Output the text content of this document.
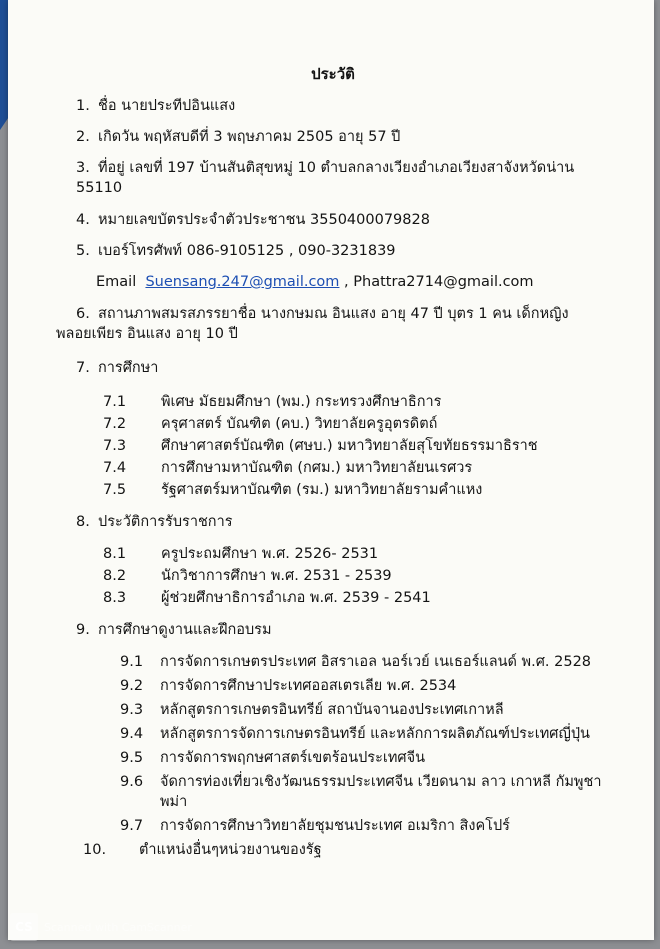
ประวัติ
1. ชื่อ นายประทีปอินแสง
2. เกิดวัน พฤหัสบดีที่ 3 พฤษภาคม 2505 อายุ 57 ปี
3. ที่อยู่ เลขที่ 197 บ้านสันติสุขหมู่ 10 ตำบลกลางเวียงอำเภอเวียงสาจังหวัดน่าน
55110
4. หมายเลขบัตรประจำตัวประชาชน 3550400079828
5. เบอร์โทรศัพท์ 086-9105125 , 090-3231839
Email Suensang.247@gmail.com , Phattra2714@gmail.com
6. สถานภาพสมรสภรรยาชื่อ นางกษมณ อินแสง อายุ 47 ปี บุตร 1 คน เด็กหญิง
พลอยเพียร อินแสง อายุ 10 ปี
7. การศึกษา
7.1	พิเศษ มัธยมศึกษา (พม.) กระทรวงศึกษาธิการ
7.2	ครุศาสตร์ บัณฑิต (คบ.) วิทยาลัยครูอุตรดิตถ์
7.3	ศึกษาศาสตร์บัณฑิต (ศษบ.) มหาวิทยาลัยสุโขทัยธรรมาธิราช
7.4	การศึกษามหาบัณฑิต (กศม.) มหาวิทยาลัยนเรศวร
7.5	รัฐศาสตร์มหาบัณฑิต (รม.) มหาวิทยาลัยรามคำแหง
8. ประวัติการรับราชการ
8.1	ครูประถมศึกษา พ.ศ. 2526- 2531
8.2	นักวิชาการศึกษา พ.ศ. 2531 - 2539
8.3	ผู้ช่วยศึกษาธิการอำเภอ พ.ศ. 2539 - 2541
9. การศึกษาดูงานและฝึกอบรม
9.1	การจัดการเกษตรประเทศ อิสราเอล นอร์เวย์ เนเธอร์แลนด์ พ.ศ. 2528
9.2	การจัดการศึกษาประเทศออสเตรเลีย พ.ศ. 2534
9.3	หลักสูตรการเกษตรอินทรีย์ สถาบันจานองประเทศเกาหลี
9.4	หลักสูตรการจัดการเกษตรอินทรีย์ และหลักการผลิตภัณฑ์ประเทศญี่ปุ่น
9.5	การจัดการพฤกษศาสตร์เขตร้อนประเทศจีน
9.6	จัดการท่องเที่ยวเชิงวัฒนธรรมประเทศจีน เวียดนาม ลาว เกาหลี กัมพูชา พม่า
9.7	การจัดการศึกษาวิทยาลัยชุมชนประเทศ อเมริกา สิงคโปร์
10.	ตำแหน่งอื่นๆหน่วยงานของรัฐ
CS	Scanned with CamScanner
